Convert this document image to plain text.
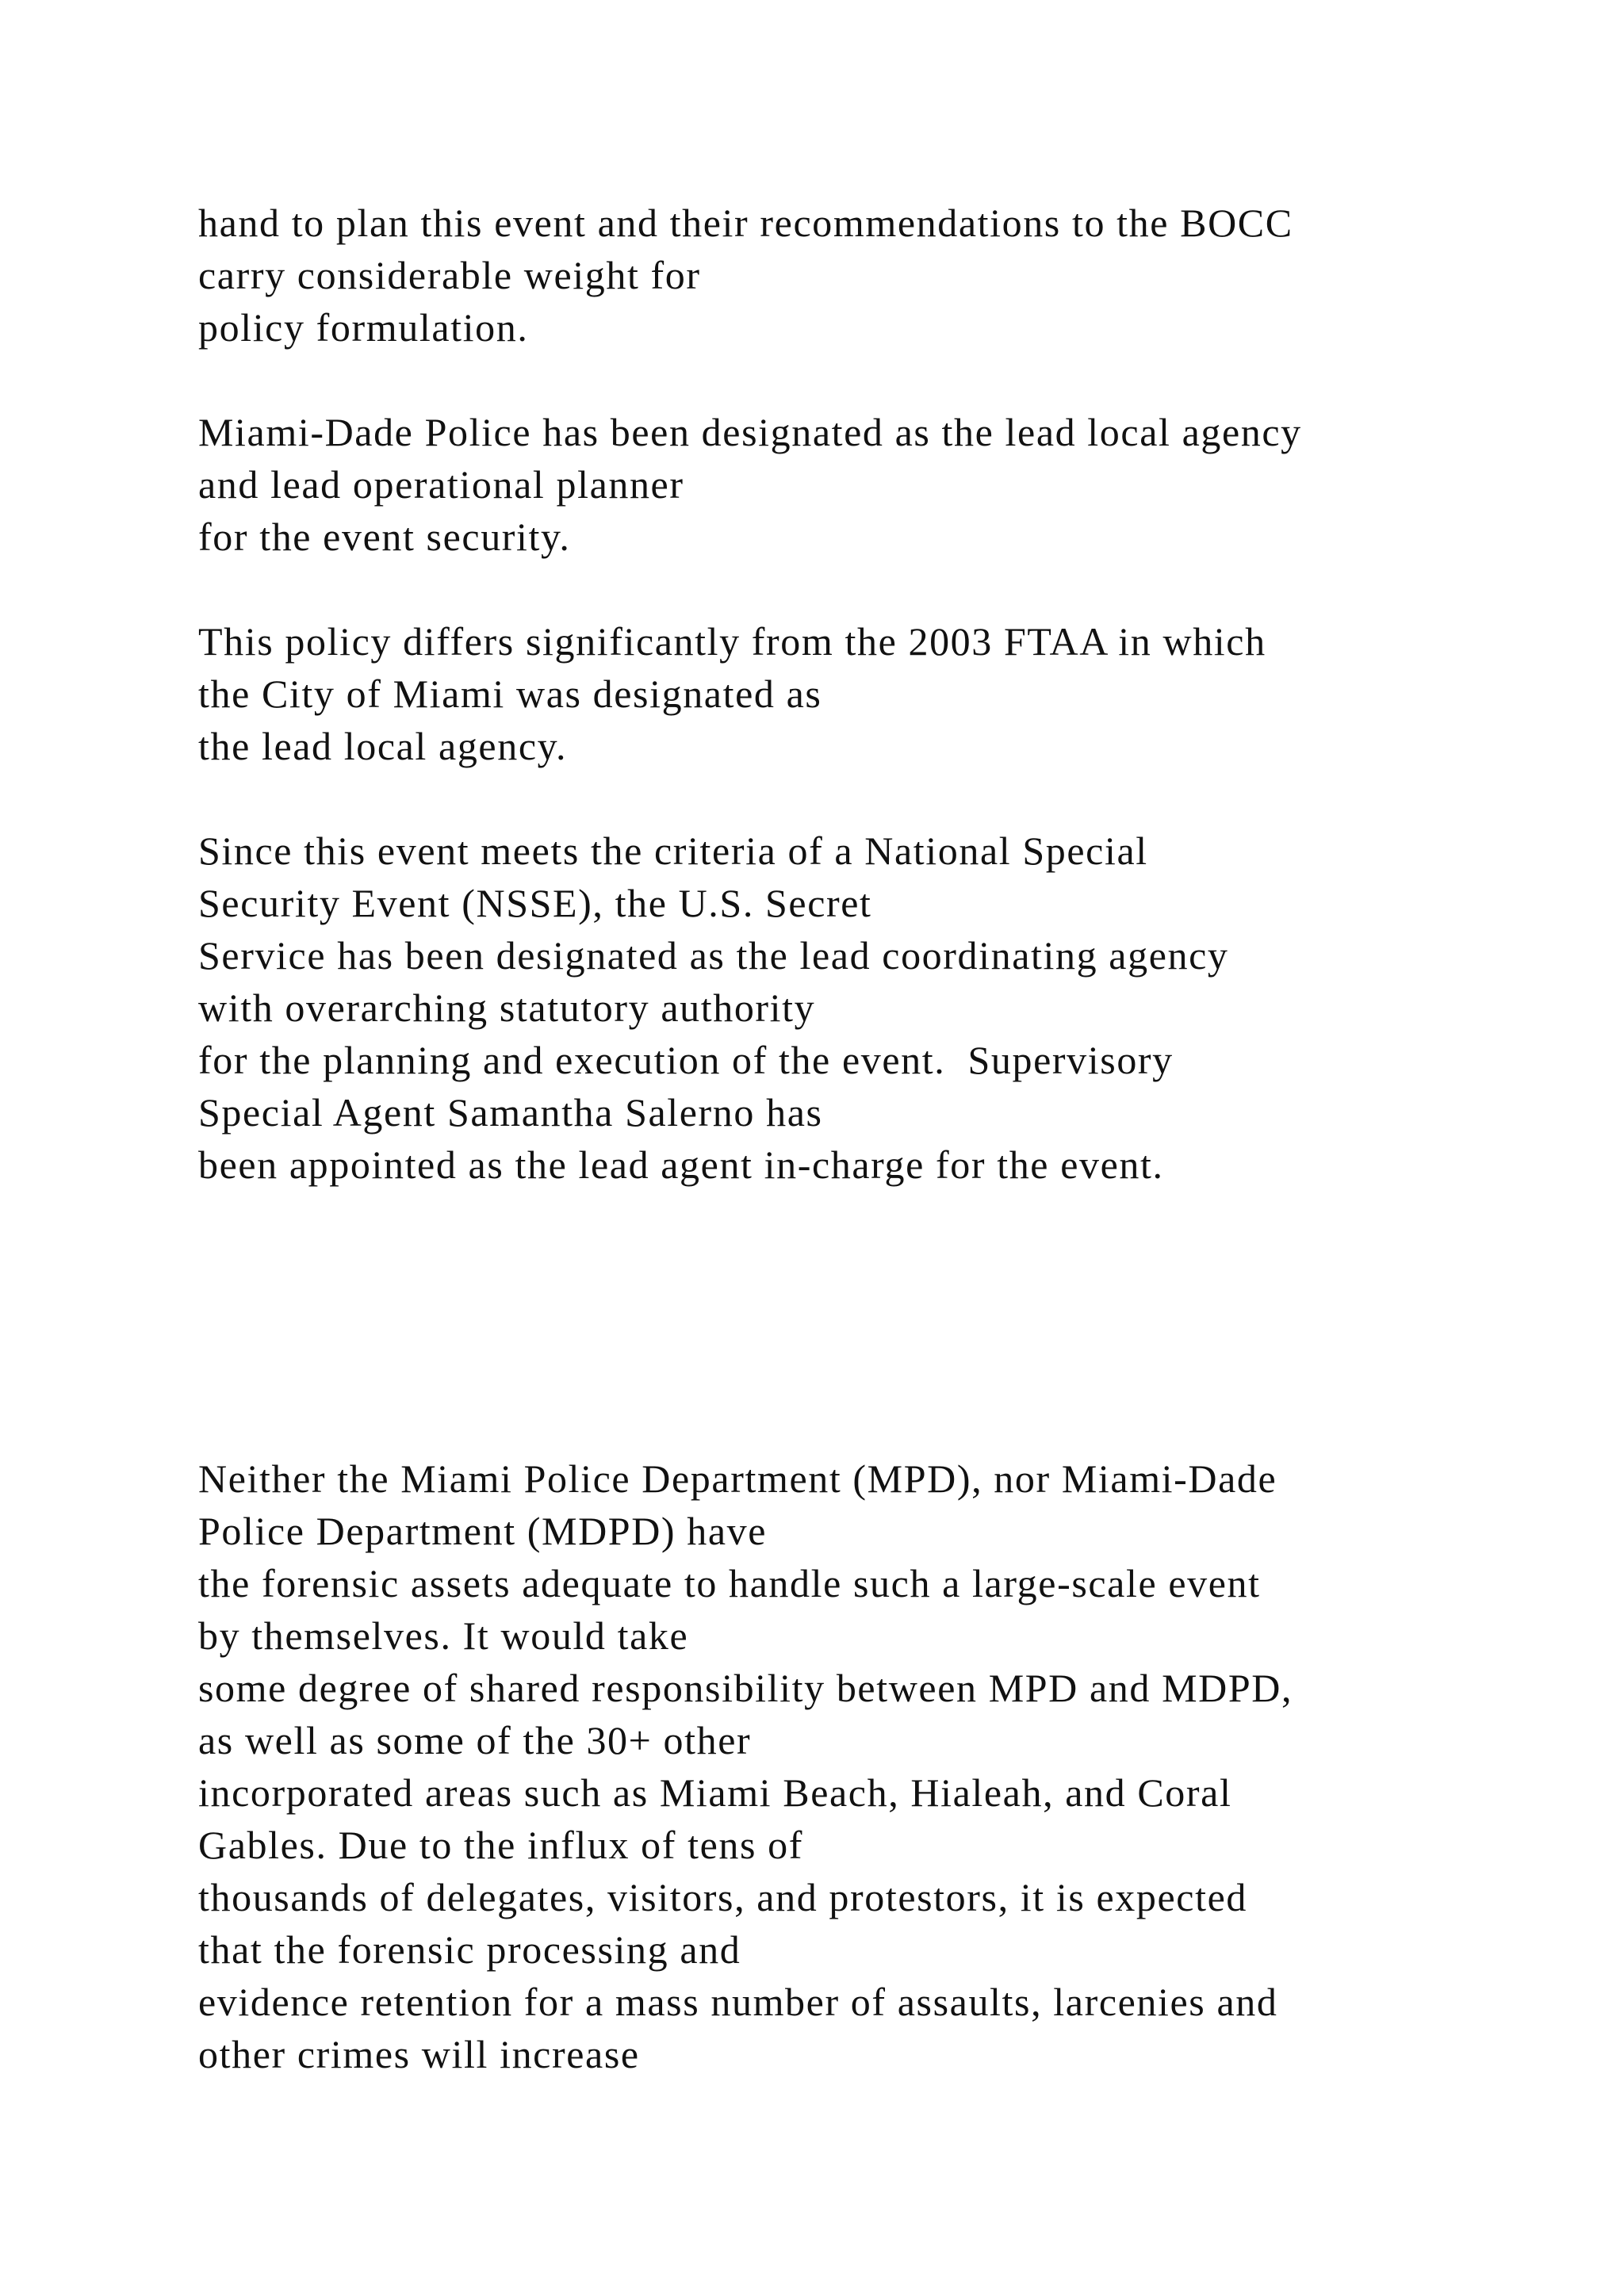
hand to plan this event and their recommendations to the BOCC
carry considerable weight for
policy formulation.

Miami-Dade Police has been designated as the lead local agency
and lead operational planner
for the event security.

This policy differs significantly from the 2003 FTAA in which
the City of Miami was designated as
the lead local agency.

Since this event meets the criteria of a National Special
Security Event (NSSE), the U.S. Secret
Service has been designated as the lead coordinating agency
with overarching statutory authority
for the planning and execution of the event.  Supervisory
Special Agent Samantha Salerno has
been appointed as the lead agent in-charge for the event.

Neither the Miami Police Department (MPD), nor Miami-Dade
Police Department (MDPD) have
the forensic assets adequate to handle such a large-scale event
by themselves. It would take
some degree of shared responsibility between MPD and MDPD,
as well as some of the 30+ other
incorporated areas such as Miami Beach, Hialeah, and Coral
Gables. Due to the influx of tens of
thousands of delegates, visitors, and protestors, it is expected
that the forensic processing and
evidence retention for a mass number of assaults, larcenies and
other crimes will increase
